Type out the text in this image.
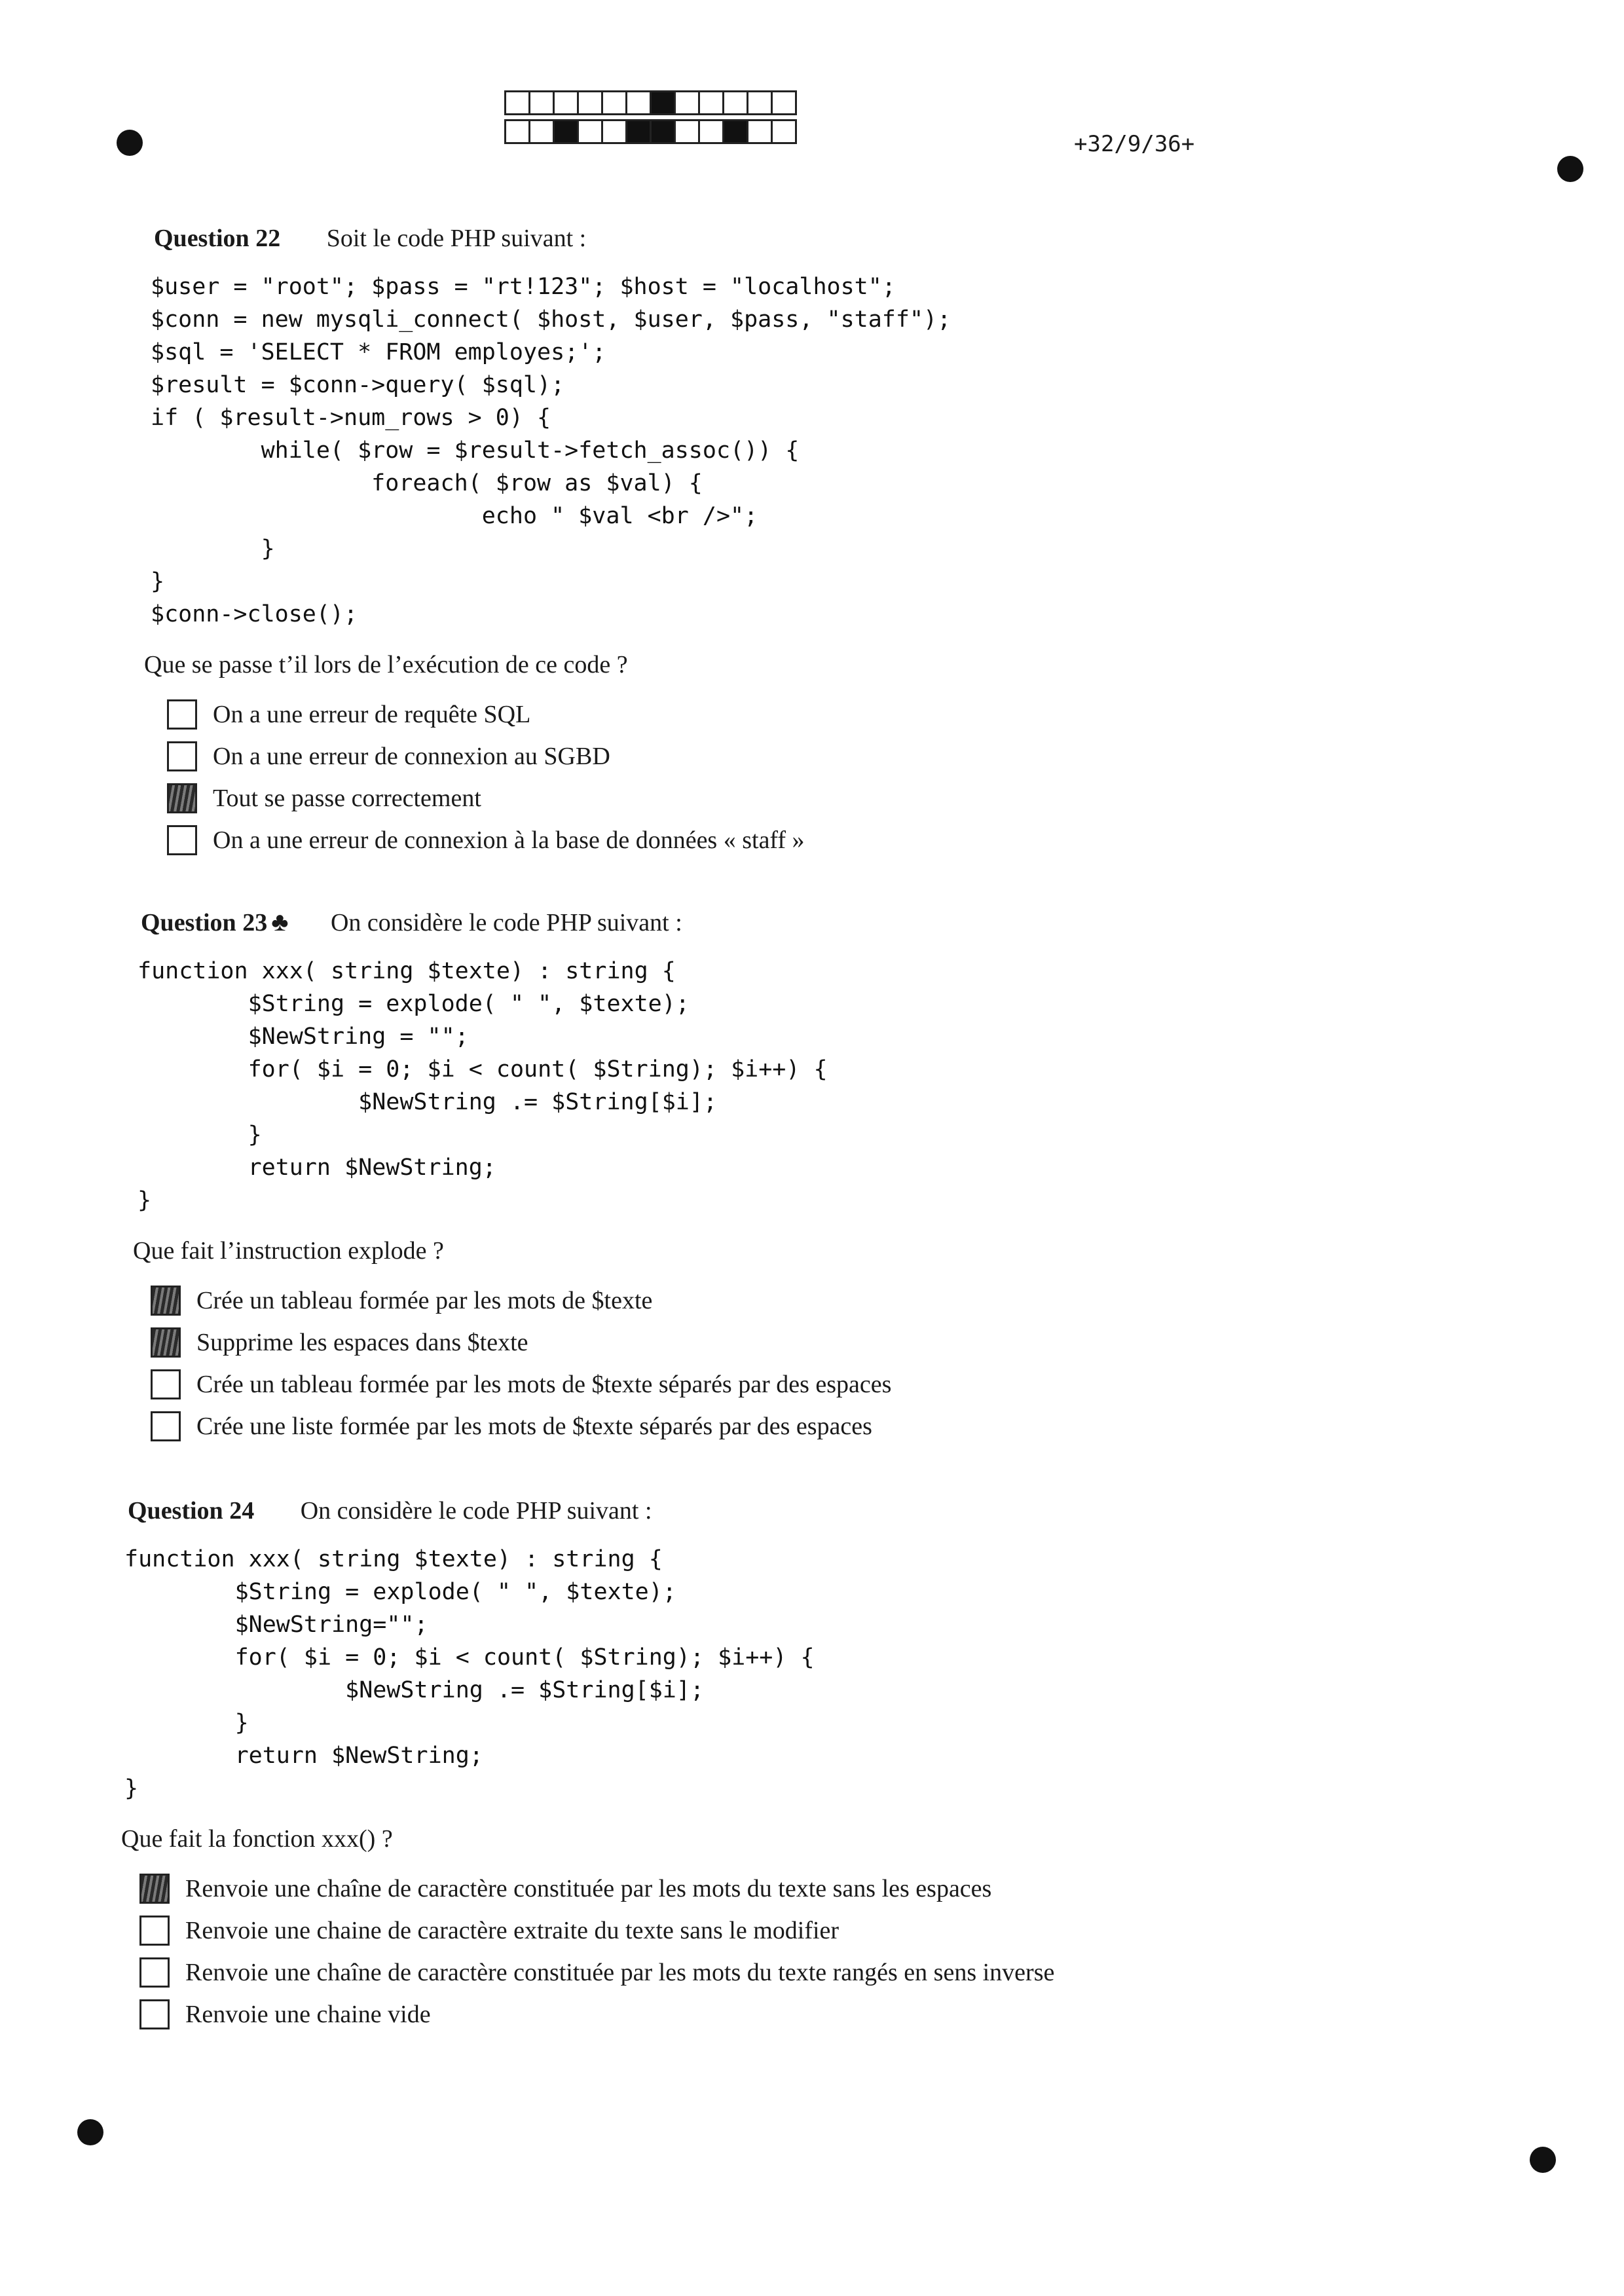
+32/9/36+
Question 22 Soit le code PHP suivant :
$user = "root"; $pass = "rt!123"; $host = "localhost";
$conn = new mysqli_connect( $host, $user, $pass, "staff");
$sql = 'SELECT * FROM employes;';
$result = $conn->query( $sql);
if ( $result->num_rows > 0) {
while( $row = $result->fetch_assoc()) {
foreach( $row as $val) {
echo " $val <br />";
}
}
$conn->close();
Que se passe t’il lors de l’exécution de ce code ?
On a une erreur de requête SQL
On a une erreur de connexion au SGBD
Tout se passe correctement
On a une erreur de connexion à la base de données « staff »
Question 23 ♣ On considère le code PHP suivant :
function xxx( string $texte) : string {
$String = explode( " ", $texte);
$NewString = "";
for( $i = 0; $i < count( $String); $i++) {
$NewString .= $String[$i];
}
return $NewString;
}
Que fait l’instruction explode ?
Crée un tableau formée par les mots de $texte
Supprime les espaces dans $texte
Crée un tableau formée par les mots de $texte séparés par des espaces
Crée une liste formée par les mots de $texte séparés par des espaces
Question 24 On considère le code PHP suivant :
function xxx( string $texte) : string {
$String = explode( " ", $texte);
$NewString="";
for( $i = 0; $i < count( $String); $i++) {
$NewString .= $String[$i];
}
return $NewString;
}
Que fait la fonction xxx() ?
Renvoie une chaîne de caractère constituée par les mots du texte sans les espaces
Renvoie une chaine de caractère extraite du texte sans le modifier
Renvoie une chaîne de caractère constituée par les mots du texte rangés en sens inverse
Renvoie une chaine vide
